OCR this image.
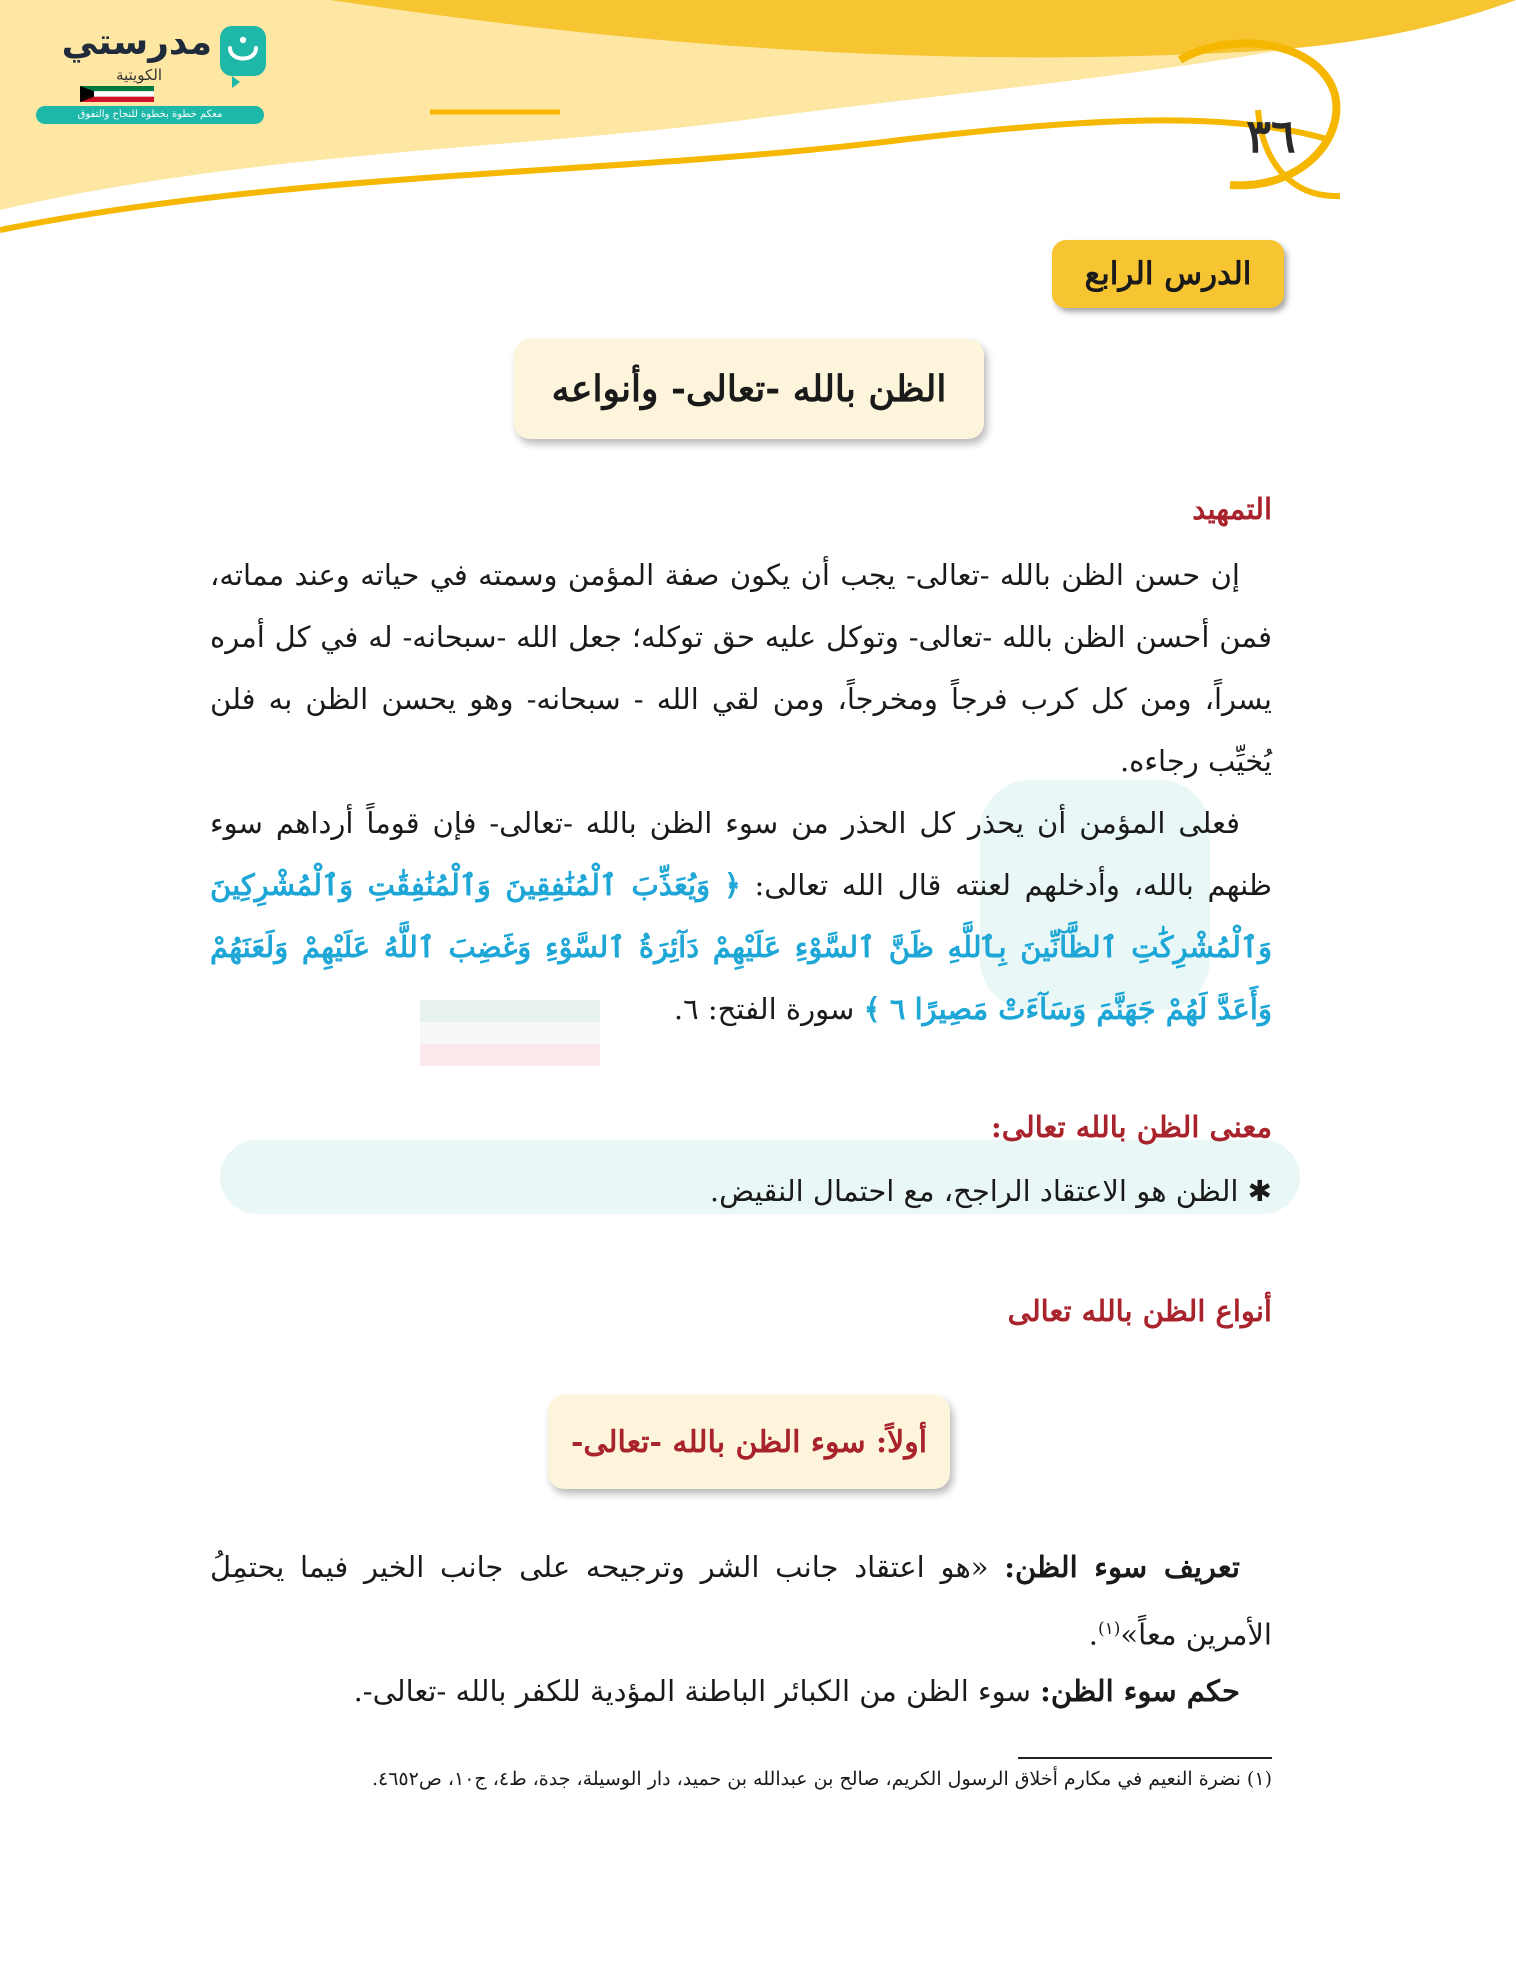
مدرستي
الكويتية
معكم خطوة بخطوة للنجاح والتفوق	٣٦
الدرس الرابع
الظن بالله -تعالى- وأنواعه
التمهيد
إن حسن الظن بالله -تعالى- يجب أن يكون صفة المؤمن وسمته في حياته وعند مماته، فمن أحسن الظن بالله -تعالى- وتوكل عليه حق توكله؛ جعل الله -سبحانه- له في كل أمره يسراً، ومن كل كرب فرجاً ومخرجاً، ومن لقي الله - سبحانه- وهو يحسن الظن به فلن يُخيِّب رجاءه.
فعلى المؤمن أن يحذر كل الحذر من سوء الظن بالله -تعالى- فإن قوماً أرداهم سوء ظنهم بالله، وأدخلهم لعنته قال الله تعالى: ﴿ وَيُعَذِّبَ ٱلْمُنَٰفِقِينَ وَٱلْمُنَٰفِقَٰتِ وَٱلْمُشْرِكِينَ وَٱلْمُشْرِكَٰتِ ٱلظَّآنِّينَ بِٱللَّهِ ظَنَّ ٱلسَّوْءِ عَلَيْهِمْ دَآئِرَةُ ٱلسَّوْءِ وَغَضِبَ ٱللَّهُ عَلَيْهِمْ وَلَعَنَهُمْ وَأَعَدَّ لَهُمْ جَهَنَّمَ وَسَآءَتْ مَصِيرًا ٦ ﴾ سورة الفتح: ٦.
معنى الظن بالله تعالى:
✱ الظن هو الاعتقاد الراجح، مع احتمال النقيض.
أنواع الظن بالله تعالى
أولاً: سوء الظن بالله -تعالى-
تعريف سوء الظن: «هو اعتقاد جانب الشر وترجيحه على جانب الخير فيما يحتمِلُ الأمرين معاً»$^{(١)}$.
حكم سوء الظن: سوء الظن من الكبائر الباطنة المؤدية للكفر بالله -تعالى-.
(١) نضرة النعيم في مكارم أخلاق الرسول الكريم، صالح بن عبدالله بن حميد، دار الوسيلة، جدة، ط٤، ج١٠، ص٤٦٥٢.
